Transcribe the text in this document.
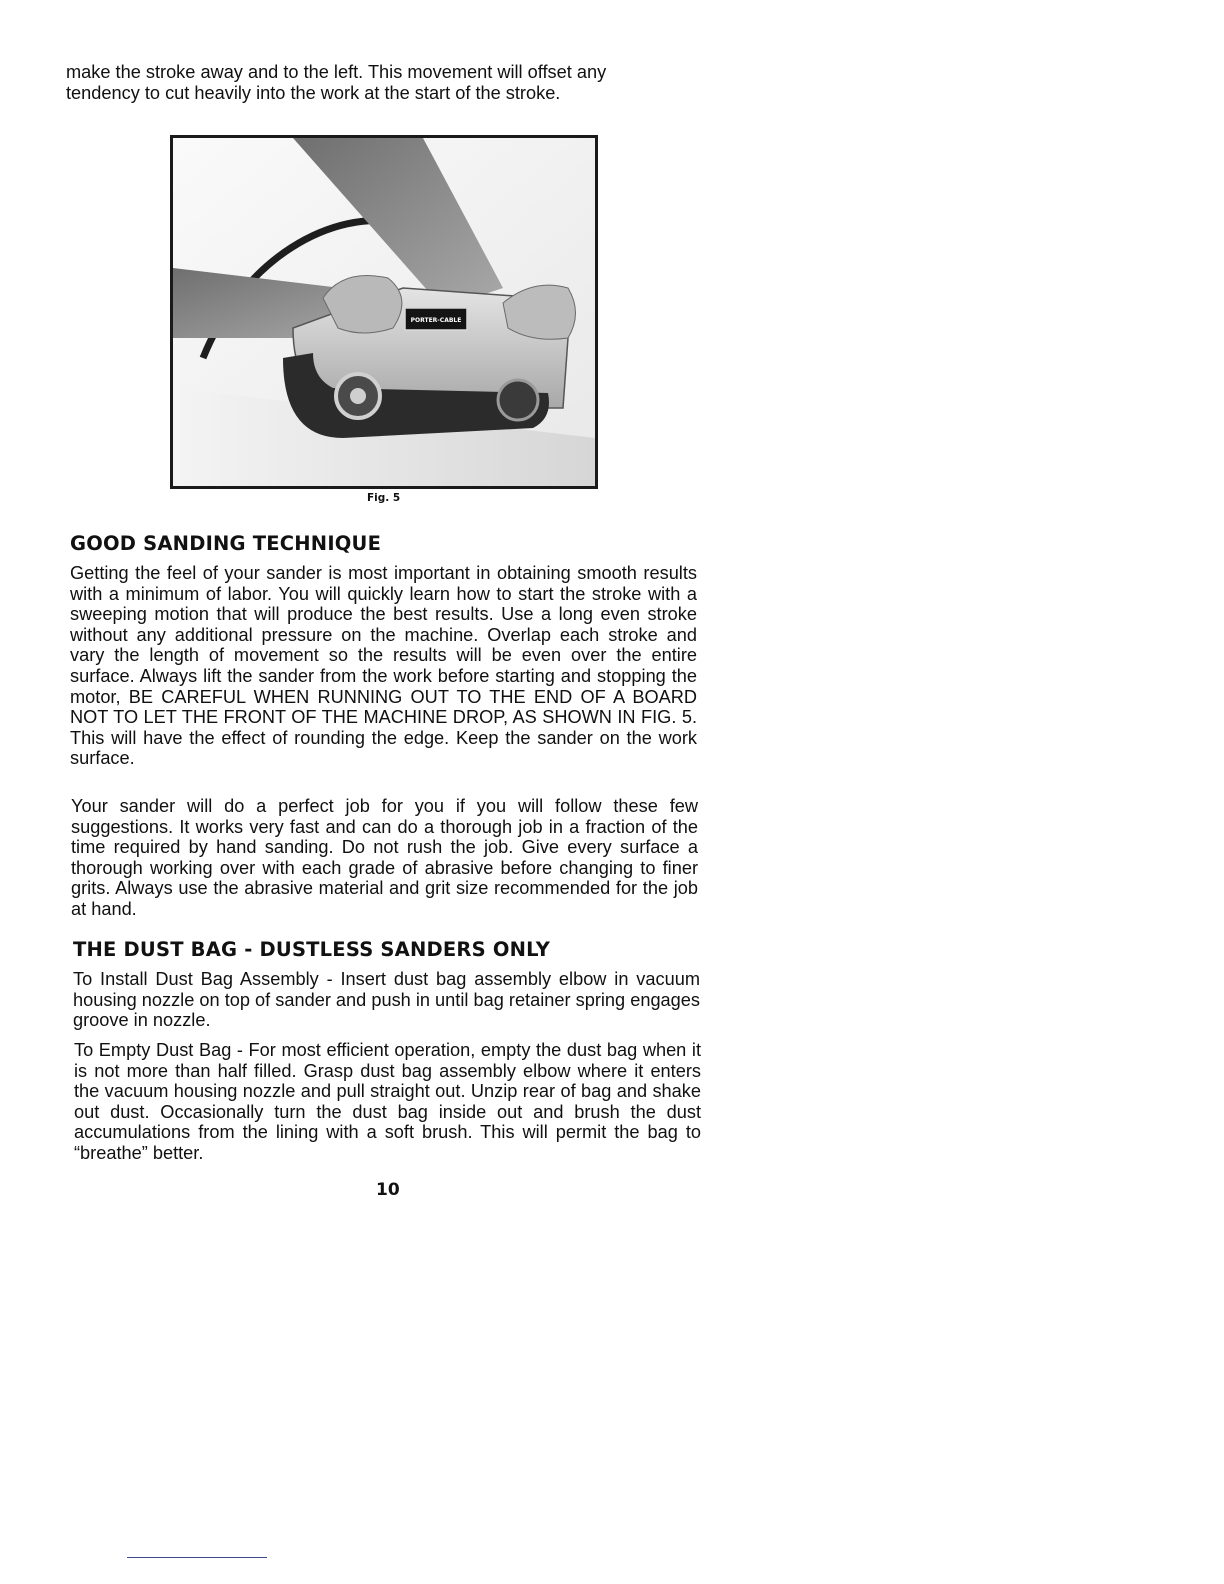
make the stroke away and to the left. This movement will offset any

tendency to cut heavily into the work at the start of the stroke.

PORTER-CABLE
Fig. 5
GOOD SANDING TECHNIQUE

Getting the feel of your sander is most important in obtaining smooth results with a minimum of labor. You will quickly learn how to start the stroke with a sweeping motion that will produce the best results. Use a long even stroke without any additional pressure on the machine. Overlap each stroke and vary the length of movement so the results will be even over the entire surface. Always lift the sander from the work before starting and stopping the motor, BE CAREFUL WHEN RUNNING OUT TO THE END OF A BOARD NOT TO LET THE FRONT OF THE MACHINE DROP, AS SHOWN IN FIG. 5. This will have the effect of rounding the edge. Keep the sander on the work surface.

Your sander will do a perfect job for you if you will follow these few suggestions. It works very fast and can do a thorough job in a fraction of the time required by hand sanding. Do not rush the job. Give every surface a thorough working over with each grade of abrasive before changing to finer grits. Always use the abrasive material and grit size recommended for the job at hand.

THE DUST BAG - DUSTLESS SANDERS ONLY

To Install Dust Bag Assembly - Insert dust bag assembly elbow in vacuum housing nozzle on top of sander and push in until bag retainer spring engages groove in nozzle.

To Empty Dust Bag - For most efficient operation, empty the dust bag when it is not more than half filled. Grasp dust bag assembly elbow where it enters the vacuum housing nozzle and pull straight out. Unzip rear of bag and shake out dust. Occasionally turn the dust bag inside out and brush the dust accumulations from the lining with a soft brush. This will permit the bag to “breathe” better.

10
